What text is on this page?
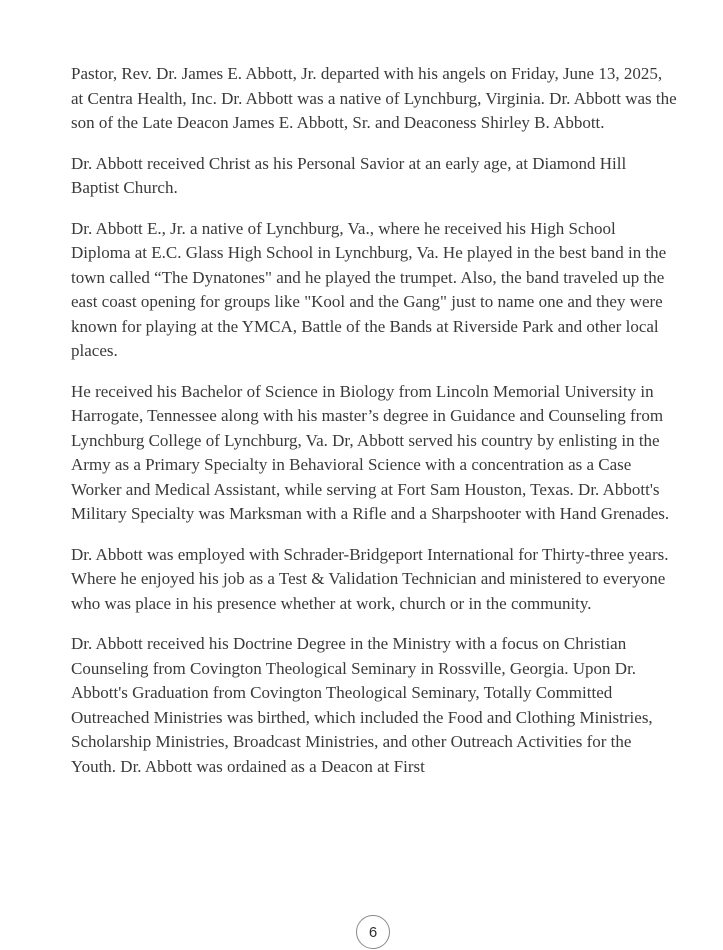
Pastor, Rev. Dr. James E. Abbott, Jr. departed with his angels on Friday, June 13, 2025, at Centra Health, Inc. Dr. Abbott was a native of Lynchburg, Virginia. Dr. Abbott was the son of the Late Deacon James E. Abbott, Sr. and Deaconess Shirley B. Abbott.

Dr. Abbott received Christ as his Personal Savior at an early age, at Diamond Hill Baptist Church.

Dr. Abbott E., Jr. a native of Lynchburg, Va., where he received his High School Diploma at E.C. Glass High School in Lynchburg, Va. He played in the best band in the town called “The Dynatones" and he played the trumpet. Also, the band traveled up the east coast opening for groups like "Kool and the Gang" just to name one and they were known for playing at the YMCA, Battle of the Bands at Riverside Park and other local places.

He received his Bachelor of Science in Biology from Lincoln Memorial University in Harrogate, Tennessee along with his master’s degree in Guidance and Counseling from Lynchburg College of Lynchburg, Va. Dr, Abbott served his country by enlisting in the Army as a Primary Specialty in Behavioral Science with a concentration as a Case Worker and Medical Assistant, while serving at Fort Sam Houston, Texas. Dr. Abbott's Military Specialty was Marksman with a Rifle and a Sharpshooter with Hand Grenades.

Dr. Abbott was employed with Schrader-Bridgeport International for Thirty-three years. Where he enjoyed his job as a Test & Validation Technician and ministered to everyone who was place in his presence whether at work, church or in the community.

Dr. Abbott received his Doctrine Degree in the Ministry with a focus on Christian Counseling from Covington Theological Seminary in Rossville, Georgia. Upon Dr. Abbott's Graduation from Covington Theological Seminary, Totally Committed Outreached Ministries was birthed, which included the Food and Clothing Ministries, Scholarship Ministries, Broadcast Ministries, and other Outreach Activities for the Youth. Dr. Abbott was ordained as a Deacon at First

6
